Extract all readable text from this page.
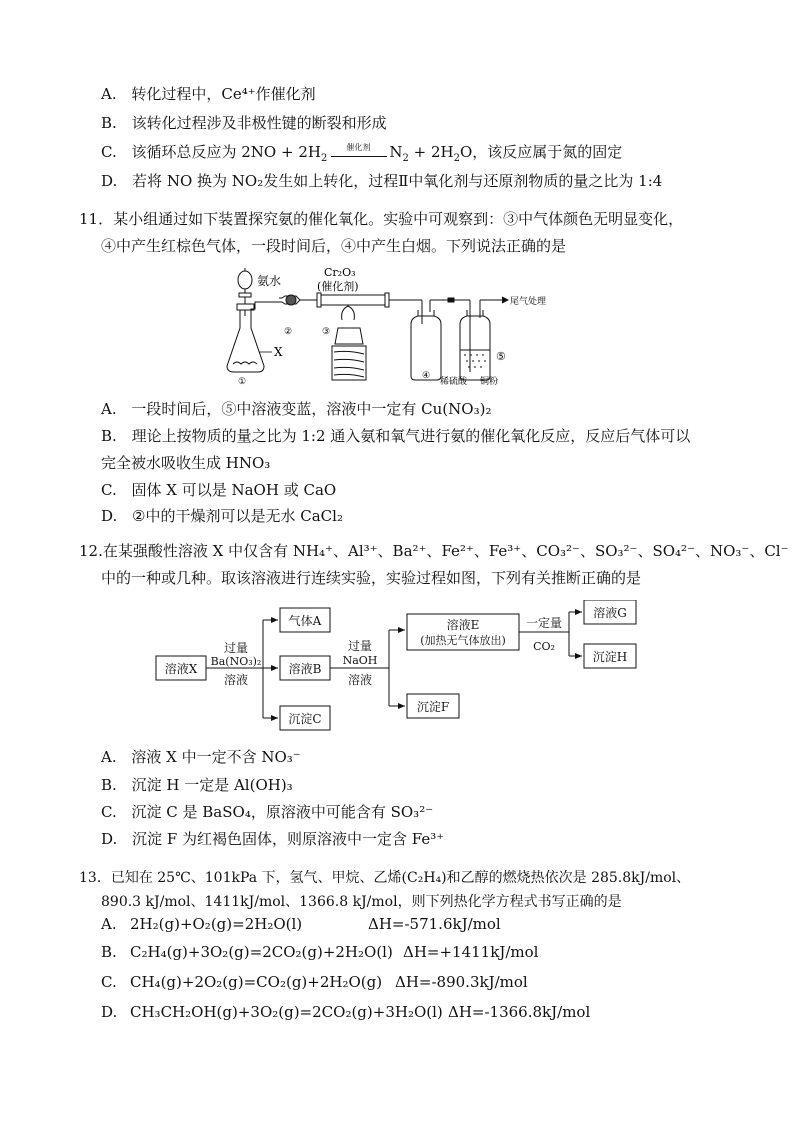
A. 转化过程中，Ce⁴⁺作催化剂
B. 该转化过程涉及非极性键的断裂和形成
C. 该循环总反应为 $2NO + 2H_2$
催化剂	$N_2 + 2H_2O$，该反应属于氮的固定
D. 若将 NO 换为 NO₂发生如上转化，过程Ⅱ中氧化剂与还原剂物质的量之比为 1:4
11．某小组通过如下装置探究氨的催化氧化。实验中可观察到：③中气体颜色无明显变化，
④中产生红棕色气体，一段时间后，④中产生白烟。下列说法正确的是
氨水
Cr₂O₃
(催化剂)
尾气处理
X
①
②	③
④
⑤
稀硫酸 铜粉
A. 一段时间后，⑤中溶液变蓝，溶液中一定有 Cu(NO₃)₂
B. 理论上按物质的量之比为 1:2 通入氨和氧气进行氨的催化氧化反应，反应后气体可以
完全被水吸收生成 HNO₃
C. 固体 X 可以是 NaOH 或 CaO
D. ②中的干燥剂可以是无水 CaCl₂
12.在某强酸性溶液 X 中仅含有 NH₄⁺、Al³⁺、Ba²⁺、Fe²⁺、Fe³⁺、CO₃²⁻、SO₃²⁻、SO₄²⁻、NO₃⁻、Cl⁻
中的一种或几种。取该溶液进行连续实验，实验过程如图，下列有关推断正确的是
溶液X
过量
Ba(NO₃)₂
溶液
气体A
溶液B
沉淀C
过量
NaOH
溶液
溶液E
(加热无气体放出)
沉淀F
一定量
CO₂
溶液G
沉淀H
A. 溶液 X 中一定不含 NO₃⁻
B. 沉淀 H 一定是 Al(OH)₃
C. 沉淀 C 是 BaSO₄，原溶液中可能含有 SO₃²⁻
D. 沉淀 F 为红褐色固体，则原溶液中一定含 Fe³⁺
13．已知在 25℃、101kPa 下，氢气、甲烷、乙烯(C₂H₄)和乙醇的燃烧热依次是 285.8kJ/mol、
890.3 kJ/mol、1411kJ/mol、1366.8 kJ/mol，则下列热化学方程式书写正确的是
A. 2H₂(g)+O₂(g)=2H₂O(l)	ΔH=-571.6kJ/mol
B. C₂H₄(g)+3O₂(g)=2CO₂(g)+2H₂O(l) ΔH=+1411kJ/mol
C. CH₄(g)+2O₂(g)=CO₂(g)+2H₂O(g) ΔH=-890.3kJ/mol
D. CH₃CH₂OH(g)+3O₂(g)=2CO₂(g)+3H₂O(l) ΔH=-1366.8kJ/mol
